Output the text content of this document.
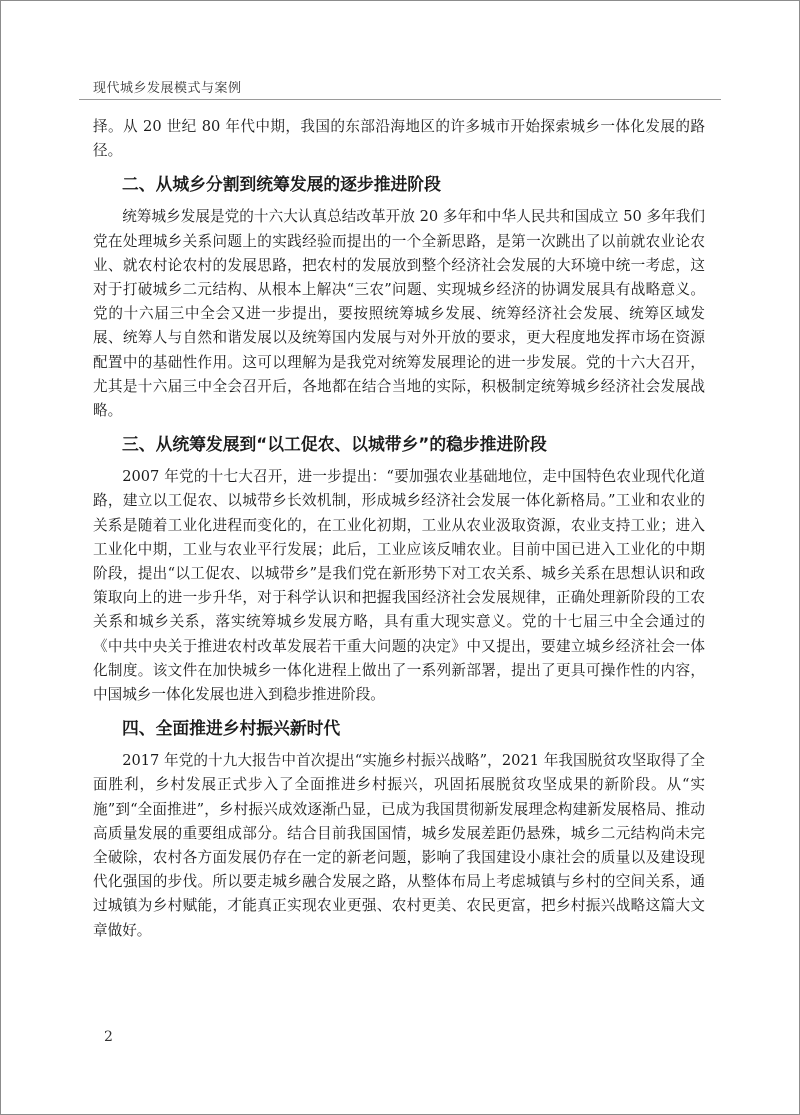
现代城乡发展模式与案例

择。从 20 世纪 80 年代中期，我国的东部沿海地区的许多城市开始探索城乡一体化发展的路径。

二、从城乡分割到统筹发展的逐步推进阶段

统筹城乡发展是党的十六大认真总结改革开放 20 多年和中华人民共和国成立 50 多年我们党在处理城乡关系问题上的实践经验而提出的一个全新思路，是第一次跳出了以前就农业论农业、就农村论农村的发展思路，把农村的发展放到整个经济社会发展的大环境中统一考虑，这对于打破城乡二元结构、从根本上解决“三农”问题、实现城乡经济的协调发展具有战略意义。党的十六届三中全会又进一步提出，要按照统筹城乡发展、统筹经济社会发展、统筹区域发展、统筹人与自然和谐发展以及统筹国内发展与对外开放的要求，更大程度地发挥市场在资源配置中的基础性作用。这可以理解为是我党对统筹发展理论的进一步发展。党的十六大召开，尤其是十六届三中全会召开后，各地都在结合当地的实际，积极制定统筹城乡经济社会发展战略。

三、从统筹发展到“以工促农、以城带乡”的稳步推进阶段

2007 年党的十七大召开，进一步提出：“要加强农业基础地位，走中国特色农业现代化道路，建立以工促农、以城带乡长效机制，形成城乡经济社会发展一体化新格局。”工业和农业的关系是随着工业化进程而变化的，在工业化初期，工业从农业汲取资源，农业支持工业；进入工业化中期，工业与农业平行发展；此后，工业应该反哺农业。目前中国已进入工业化的中期阶段，提出“以工促农、以城带乡”是我们党在新形势下对工农关系、城乡关系在思想认识和政策取向上的进一步升华，对于科学认识和把握我国经济社会发展规律，正确处理新阶段的工农关系和城乡关系，落实统筹城乡发展方略，具有重大现实意义。党的十七届三中全会通过的《中共中央关于推进农村改革发展若干重大问题的决定》中又提出，要建立城乡经济社会一体化制度。该文件在加快城乡一体化进程上做出了一系列新部署，提出了更具可操作性的内容，中国城乡一体化发展也进入到稳步推进阶段。

四、全面推进乡村振兴新时代

2017 年党的十九大报告中首次提出“实施乡村振兴战略”，2021 年我国脱贫攻坚取得了全面胜利，乡村发展正式步入了全面推进乡村振兴，巩固拓展脱贫攻坚成果的新阶段。从“实施”到“全面推进”，乡村振兴成效逐渐凸显，已成为我国贯彻新发展理念构建新发展格局、推动高质量发展的重要组成部分。结合目前我国国情，城乡发展差距仍悬殊，城乡二元结构尚未完全破除，农村各方面发展仍存在一定的新老问题，影响了我国建设小康社会的质量以及建设现代化强国的步伐。所以要走城乡融合发展之路，从整体布局上考虑城镇与乡村的空间关系，通过城镇为乡村赋能，才能真正实现农业更强、农村更美、农民更富，把乡村振兴战略这篇大文章做好。

2
